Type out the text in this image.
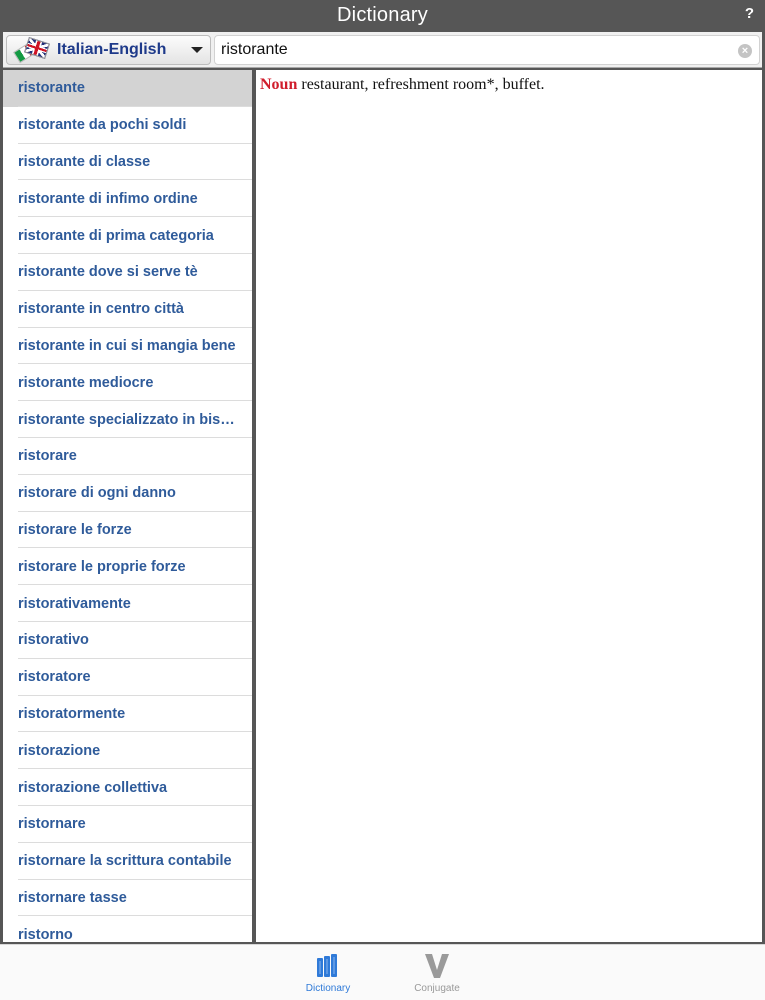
Dictionary	?
Italian-English
ristorante	×
ristorante
ristorante da pochi soldi
ristorante di classe
ristorante di infimo ordine
ristorante di prima categoria
ristorante dove si serve tè
ristorante in centro città
ristorante in cui si mangia bene
ristorante mediocre
ristorante specializzato in bis…
ristorare
ristorare di ogni danno
ristorare le forze
ristorare le proprie forze
ristorativamente
ristorativo
ristoratore
ristoratormente
ristorazione
ristorazione collettiva
ristornare
ristornare la scrittura contabile
ristornare tasse
ristorno
Noun restaurant, refreshment room*, buffet.
Dictionary	Conjugate
